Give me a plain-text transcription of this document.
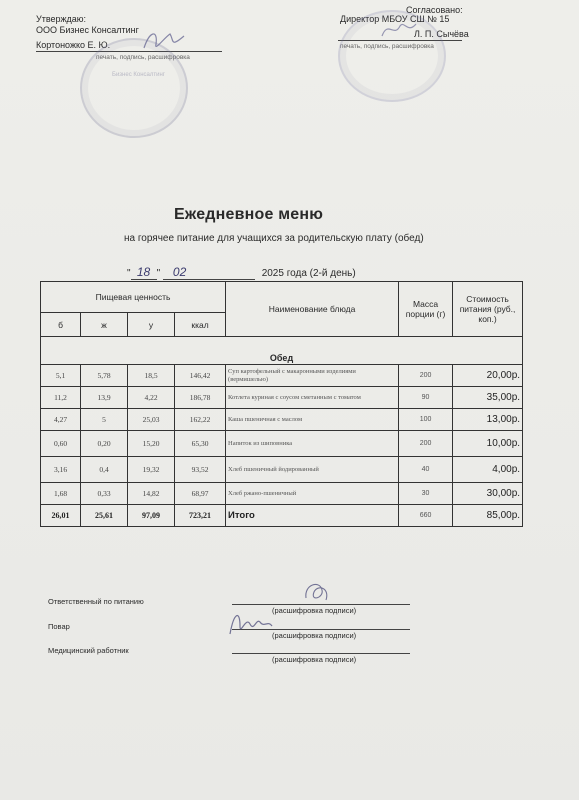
Утверждаю:
ООО Бизнес Консалтинг
Кортоножко Е. Ю.
печать, подпись, расшифровка
Бизнес Консалтинг
Согласовано:
Директор МБОУ СШ № 15
Л. П. Сычёва
печать, подпись, расшифровка
Ежедневное меню
на горячее питание для учащихся за родительскую плату (обед)
" 18 " 02	2025 года (2-й день)
Пищевая ценность				Наименование блюда	Масса порции (г)	Стоимость питания (руб., коп.)
б	ж	у	ккал			
Обед						
5,1	5,78	18,5	146,42	Суп картофельный с макаронными изделиями (вермишелью)	200	20,00р.
11,2	13,9	4,22	186,78	Котлета куриная с соусом сметанным с томатом	90	35,00р.
4,27	5	25,03	162,22	Каша пшеничная с маслом	100	13,00р.
0,60	0,20	15,20	65,30	Напиток из шиповника	200	10,00р.
3,16	0,4	19,32	93,52	Хлеб пшеничный йодированный	40	4,00р.
1,68	0,33	14,82	68,97	Хлеб ржано-пшеничный	30	30,00р.
26,01	25,61	97,09	723,21	Итого	660	85,00р.
Ответственный по питанию
(расшифровка подписи)
Повар
(расшифровка подписи)
Медицинский работник
(расшифровка подписи)
